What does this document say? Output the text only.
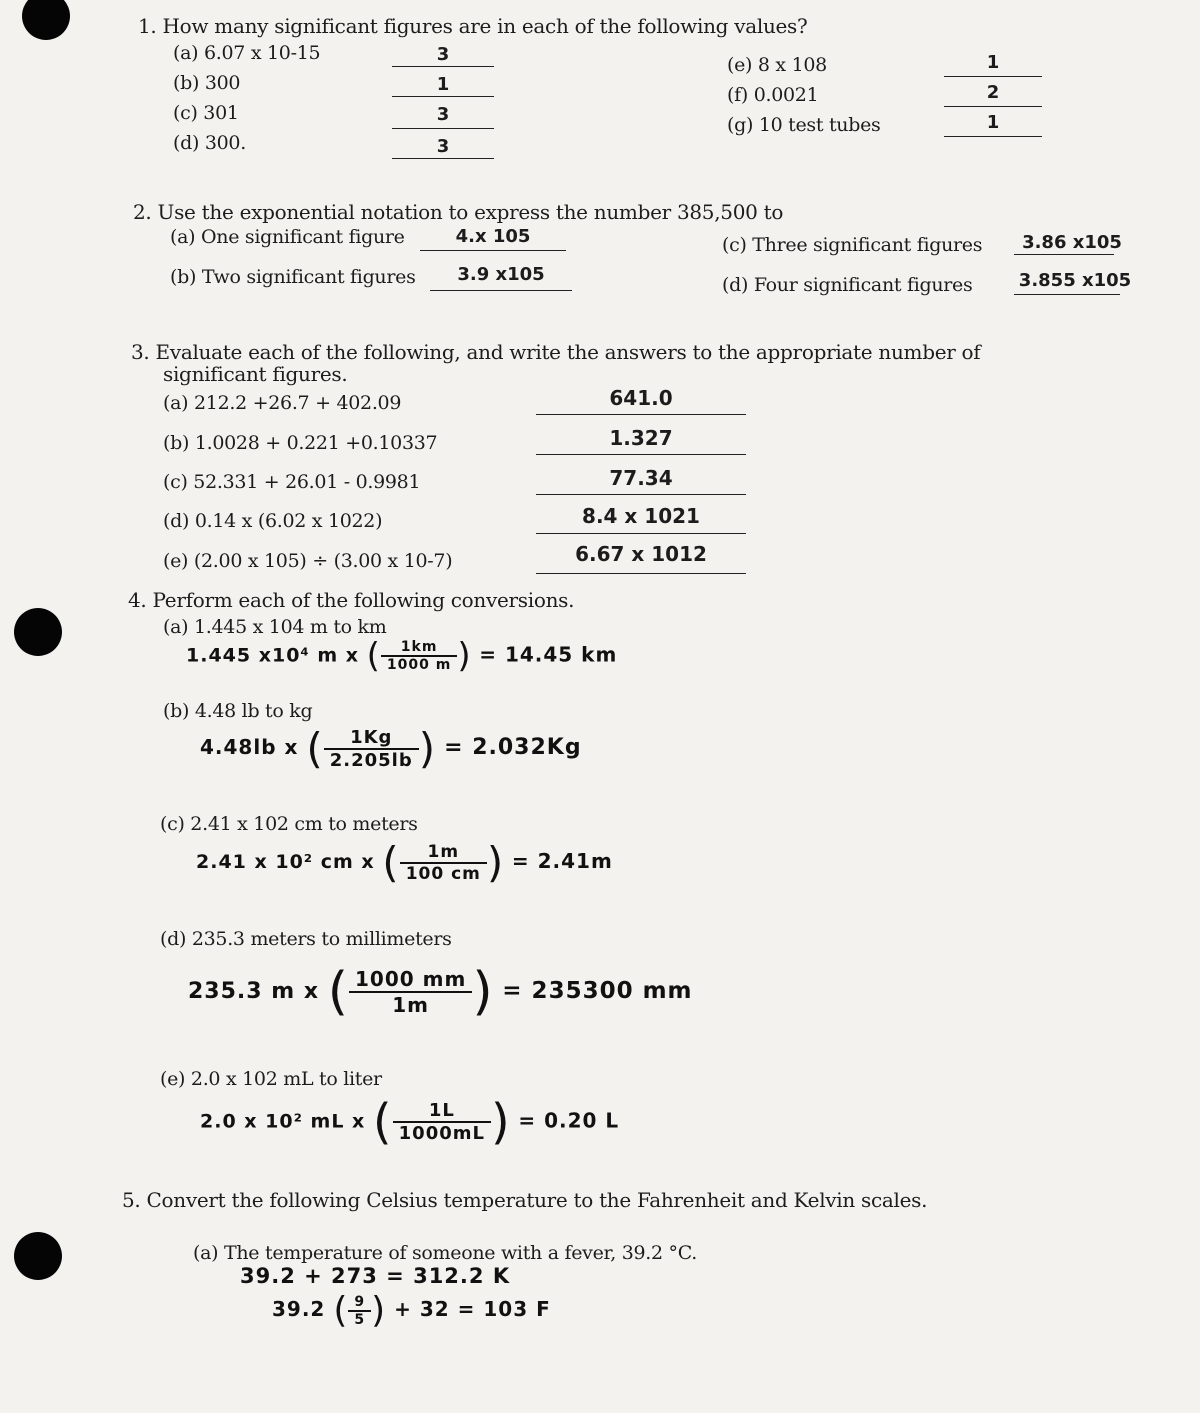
1. How many significant figures are in each of the following values?
(a) 6.07 x 10-15	3
(b) 300	1
(c) 301	3
(d) 300.	3
(e) 8 x 108	1
(f) 0.0021	2
(g) 10 test tubes	1
2. Use the exponential notation to express the number 385,500 to
(a) One significant figure	4.x 105
(b) Two significant figures	3.9 x105
(c) Three significant figures	3.86 x105
(d) Four significant figures	3.855 x105
3. Evaluate each of the following, and write the answers to the appropriate number of
significant figures.
(a) 212.2 +26.7 + 402.09	641.0
(b) 1.0028 + 0.221 +0.10337	1.327
(c) 52.331 + 26.01 - 0.9981	77.34
(d) 0.14 x (6.02 x 1022)	8.4 x 1021
(e) (2.00 x 105) ÷ (3.00 x 10-7)	6.67 x 1012
4. Perform each of the following conversions.
(a) 1.445 x 104 m to km
1.445 x10⁴ m x ( $\frac{1km}{1000 m}$ ) = 14.45 km
(b) 4.48 lb to kg
4.48lb x ( $\frac{1Kg}{2.205lb}$ ) = 2.032Kg
(c) 2.41 x 102 cm to meters
2.41 x 10² cm x ( $\frac{1m}{100 cm}$ ) = 2.41m
(d) 235.3 meters to millimeters
235.3 m x ( $\frac{1000 mm}{1m}$ ) = 235300 mm
(e) 2.0 x 102 mL to liter
2.0 x 10² mL x ( $\frac{1L}{1000mL}$ ) = 0.20 L
5. Convert the following Celsius temperature to the Fahrenheit and Kelvin scales.
(a) The temperature of someone with a fever, 39.2 °C.
39.2 + 273 = 312.2 K
39.2 ( $\frac{9}{5}$ ) + 32 = 103 F
